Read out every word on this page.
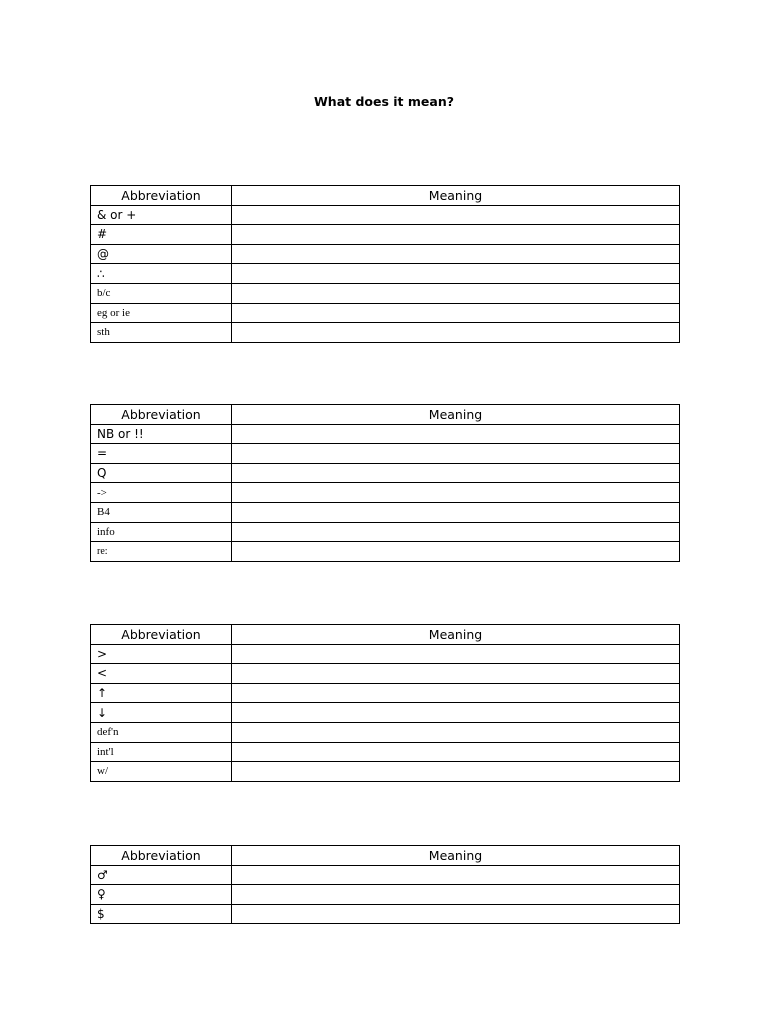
What does it mean?
Abbreviation	Meaning
& or +	
#	
@	
∴	
b/c	
eg or ie	
sth	
Abbreviation	Meaning
NB or !!	
=	
Q	
->	
B4	
info	
re:	
Abbreviation	Meaning
>	
<	
↑	
↓	
def'n	
int'l	
w/	
Abbreviation	Meaning
♂	
♀	
$	
